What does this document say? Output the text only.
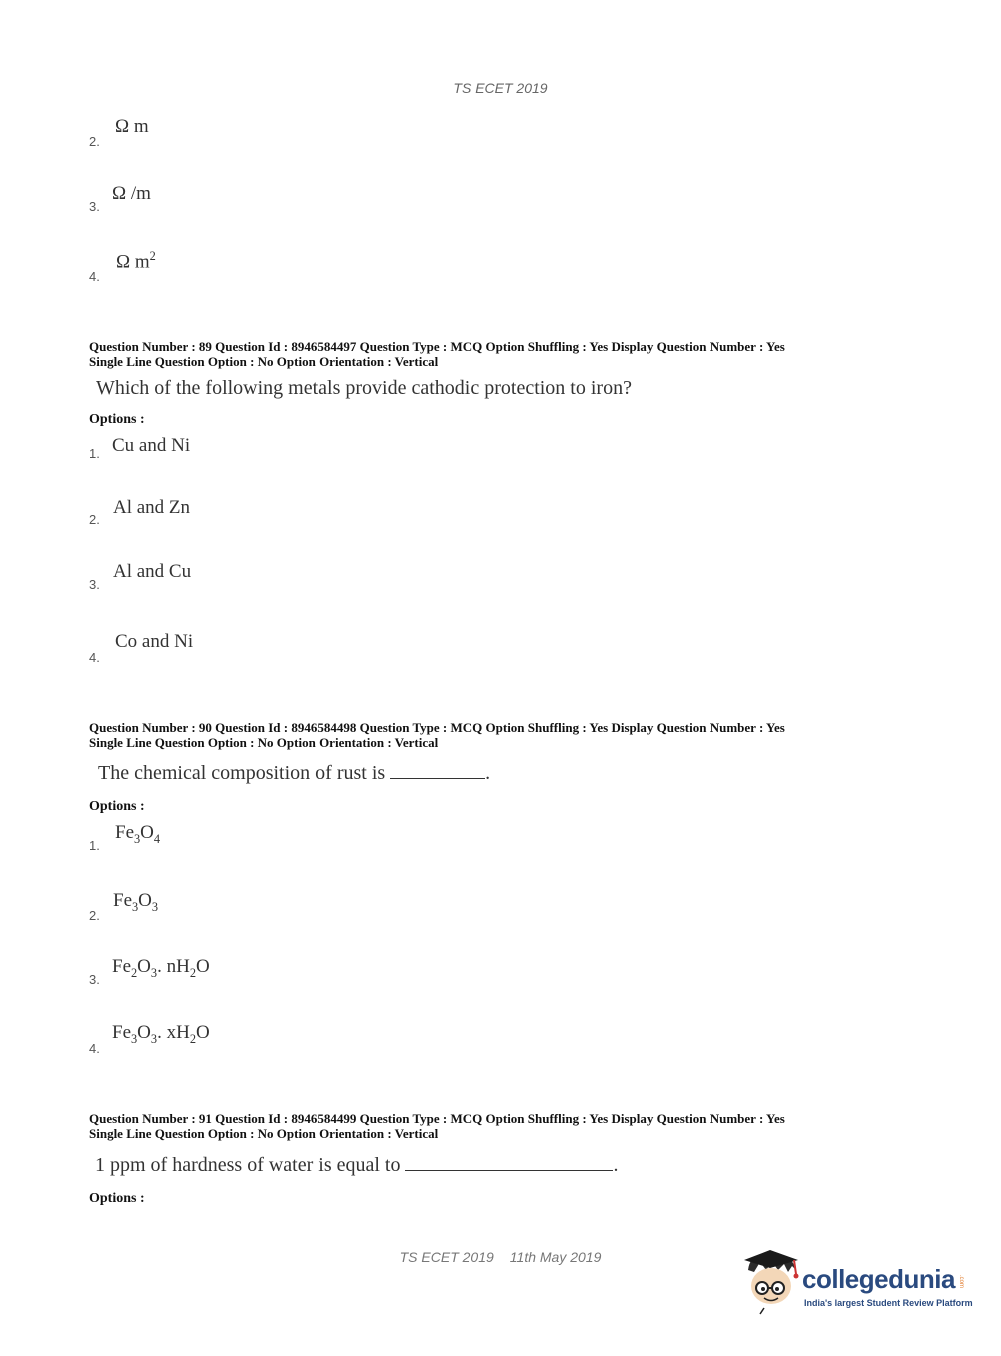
TS ECET 2019
Ω m
2.
Ω /m
3.
Ω $m^2$
4.
Question Number : 89 Question Id : 8946584497 Question Type : MCQ Option Shuffling : Yes Display Question Number : Yes
Single Line Question Option : No Option Orientation : Vertical
Which of the following metals provide cathodic protection to iron?
Options :
Cu and Ni
1.
Al and Zn
2.
Al and Cu
3.
Co and Ni
4.
Question Number : 90 Question Id : 8946584498 Question Type : MCQ Option Shuffling : Yes Display Question Number : Yes
Single Line Question Option : No Option Orientation : Vertical
The chemical composition of rust is	.
Options :
$Fe_3O_4$
1.
$Fe_3O_3$
2.
$Fe_2O_3$. $nH_2O$
3.
$Fe_3O_3$. $xH_2O$
4.
Question Number : 91 Question Id : 8946584499 Question Type : MCQ Option Shuffling : Yes Display Question Number : Yes
Single Line Question Option : No Option Orientation : Vertical
1 ppm of hardness of water is equal to	.
Options :
TS ECET 2019 11th May 2019
collegedunia .com
India's largest Student Review Platform
